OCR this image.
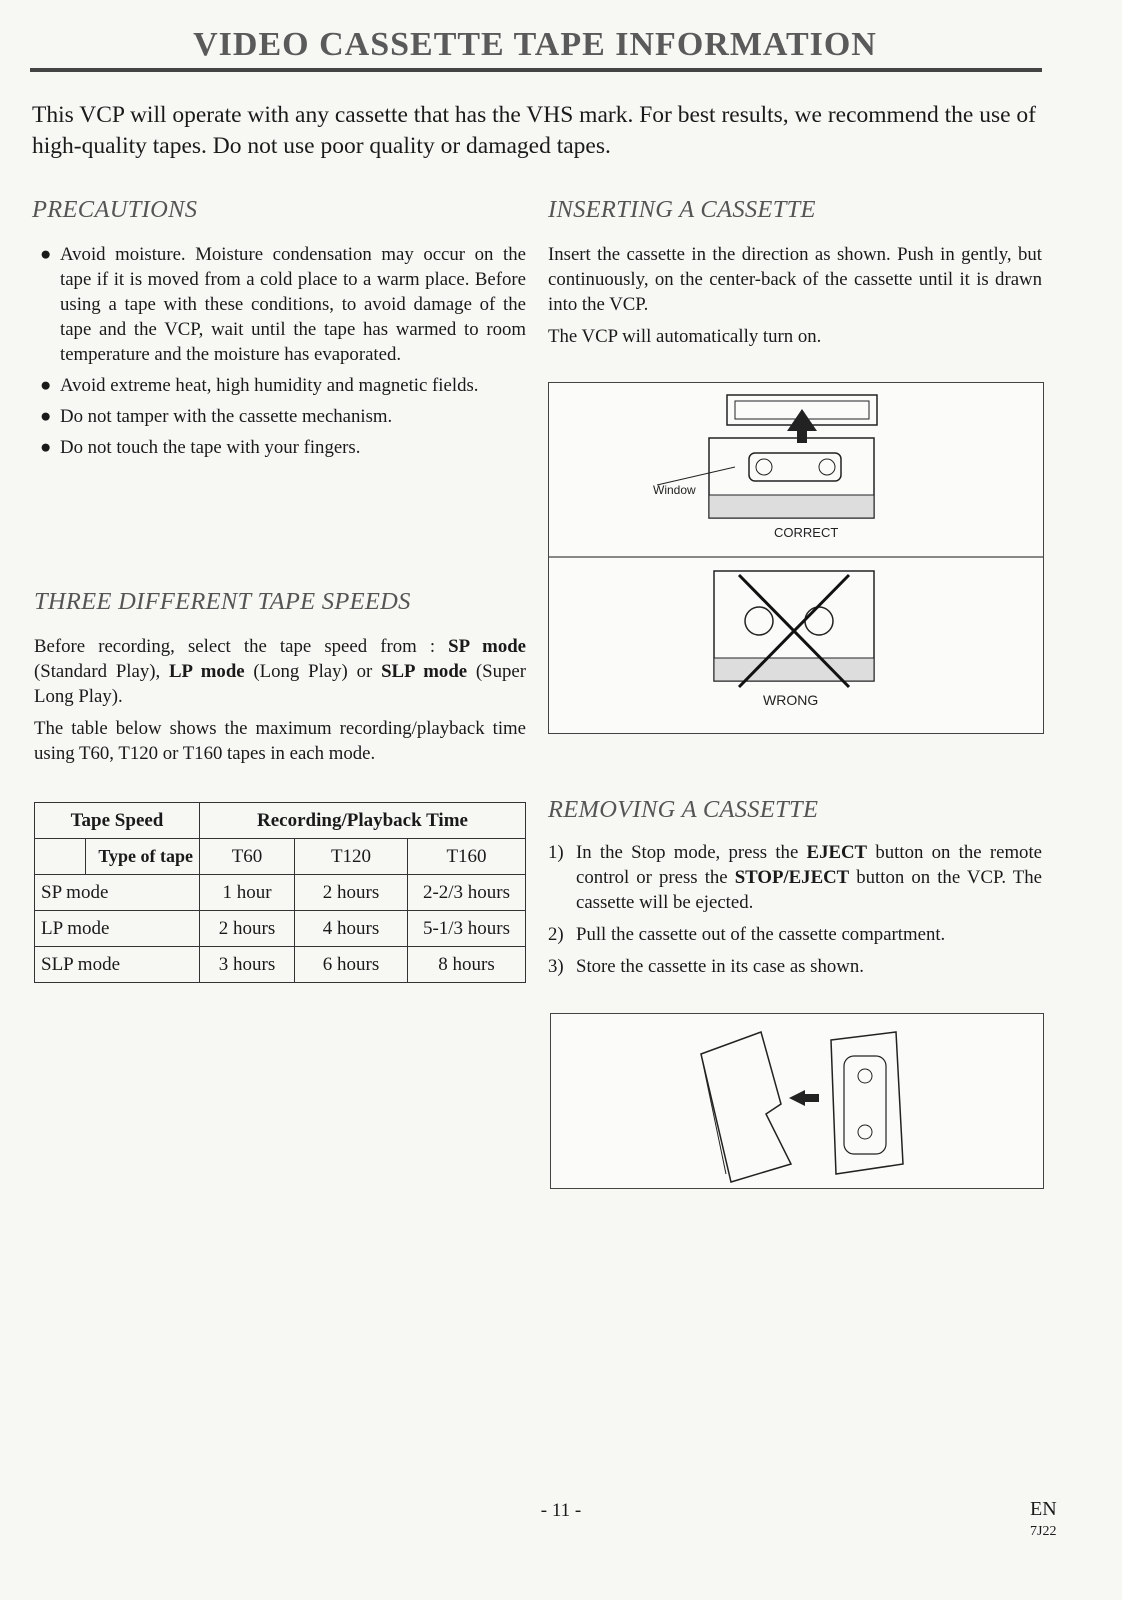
VIDEO CASSETTE TAPE INFORMATION
This VCP will operate with any cassette that has the VHS mark. For best results, we recommend the use of high-quality tapes. Do not use poor quality or damaged tapes.
PRECAUTIONS
● Avoid moisture. Moisture condensation may occur on the tape if it is moved from a cold place to a warm place. Before using a tape with these conditions, to avoid damage of the tape and the VCP, wait until the tape has warmed to room temperature and the moisture has evaporated.
● Avoid extreme heat, high humidity and magnetic fields.
● Do not tamper with the cassette mechanism.
● Do not touch the tape with your fingers.
THREE DIFFERENT TAPE SPEEDS

Before recording, select the tape speed from : SP mode (Standard Play), LP mode (Long Play) or SLP mode (Super Long Play).

The table below shows the maximum recording/playback time using T60, T120 or T160 tapes in each mode.

Tape Speed	Recording/Playback Time		

Type of tape	T60	T120	T160
SP mode	1 hour	2 hours	2-2/3 hours
LP mode	2 hours	4 hours	5-1/3 hours
SLP mode	3 hours	6 hours	8 hours
INSERTING A CASSETTE

Insert the cassette in the direction as shown. Push in gently, but continuously, on the center-back of the cassette until it is drawn into the VCP.

The VCP will automatically turn on.

Window
CORRECT
WRONG
REMOVING A CASSETTE
1) In the Stop mode, press the EJECT button on the remote control or press the STOP/EJECT button on the VCP. The cassette will be ejected.
2) Pull the cassette out of the cassette compartment.
3) Store the cassette in its case as shown.
- 11 -	EN
7J22
